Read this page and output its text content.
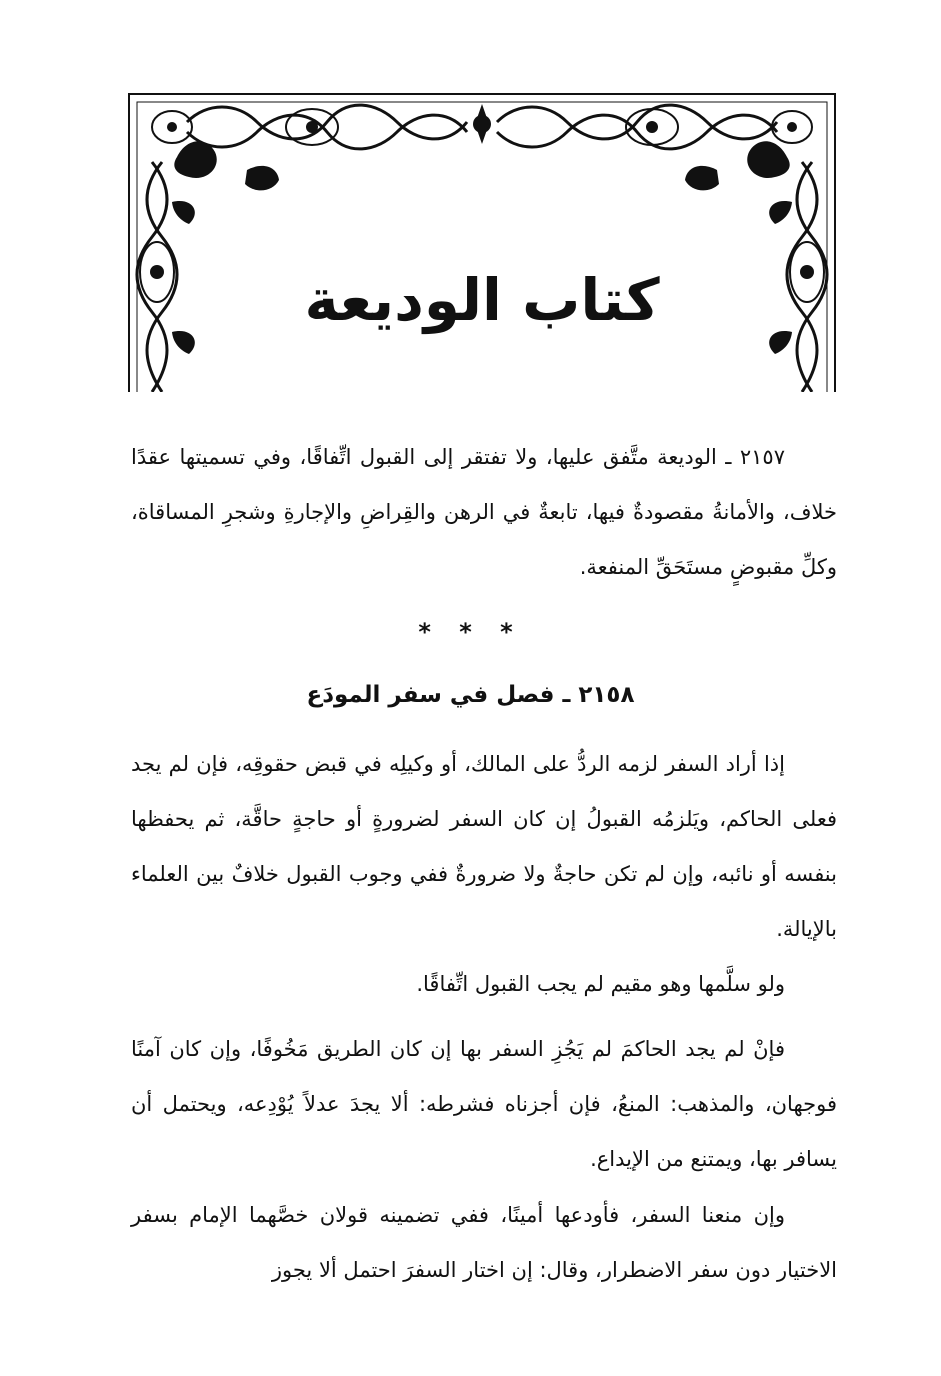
كتاب الوديعة

٢١٥٧ ـ الوديعة متَّفق عليها، ولا تفتقر إلى القبول اتِّفاقًا، وفي تسميتها عقدًا خلاف، والأمانةُ مقصودةٌ فيها، تابعةٌ في الرهن والقِراضِ والإجارةِ وشجرِ المساقاة، وكلِّ مقبوضٍ مستَحَقِّ المنفعة.

* * *
٢١٥٨ ـ فصل في سفر المودَع

إذا أراد السفر لزمه الردُّ على المالك، أو وكيلِه في قبض حقوقِه، فإن لم يجد فعلى الحاكم، ويَلزمُه القبولُ إن كان السفر لضرورةٍ أو حاجةٍ حاقَّة، ثم يحفظها بنفسه أو نائبه، وإن لم تكن حاجةٌ ولا ضرورةٌ ففي وجوب القبول خلافٌ بين العلماء بالإيالة.

ولو سلَّمها وهو مقيم لم يجب القبول اتِّفاقًا.

فإنْ لم يجد الحاكمَ لم يَجُزِ السفر بها إن كان الطريق مَخُوفًا، وإن كان آمنًا فوجهان، والمذهب: المنعُ، فإن أجزناه فشرطه: ألا يجدَ عدلاً يُوْدِعه، ويحتمل أن يسافر بها، ويمتنع من الإيداع.

وإن منعنا السفر، فأودعها أمينًا، ففي تضمينه قولان خصَّهما الإمام بسفر الاختيار دون سفر الاضطرار، وقال: إن اختار السفرَ احتمل ألا يجوز
